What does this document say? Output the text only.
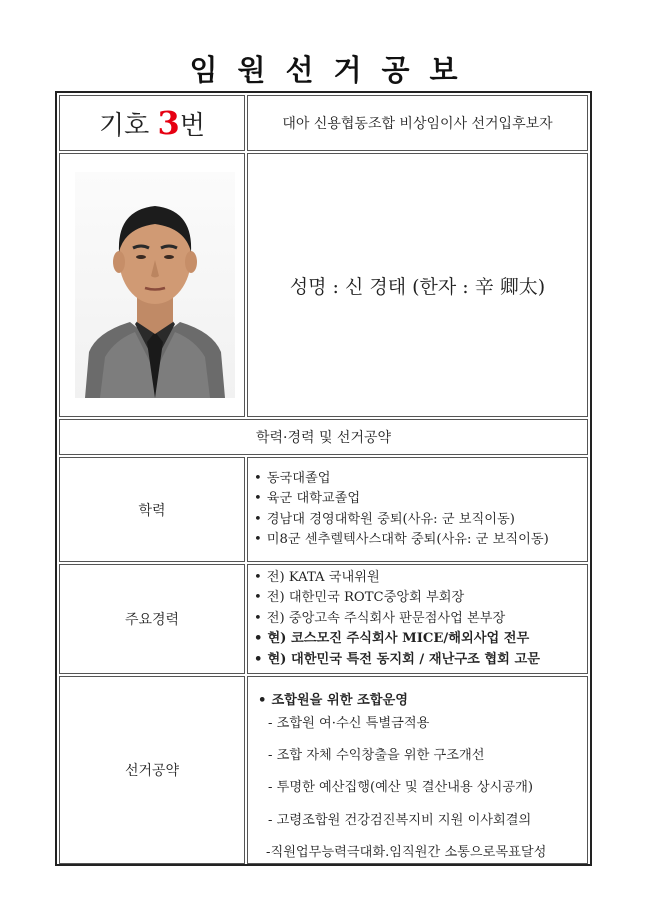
임원선거공보
기호 3 번	대아 신용협동조합 비상임이사 선거입후보자
성명 : 신 경태 (한자 : 辛 卿太)
학력·경력 및 선거공약
학력
• 동국대졸업
• 육군 대학교졸업
• 경남대 경영대학원 중퇴(사유: 군 보직이동)
• 미8군 센추렐텍사스대학 중퇴(사유: 군 보직이동)
주요경력
• 전) KATA 국내위원
• 전) 대한민국 ROTC중앙회 부회장
• 전) 중앙고속 주식회사 판문점사업 본부장
• 현) 코스모진 주식회사 MICE/해외사업 전무
• 현) 대한민국 특전 동지회 / 재난구조 협회 고문
선거공약
• 조합원을 위한 조합운영
- 조합원 여·수신 특별금적용
- 조합 자체 수익창출을 위한 구조개선
- 투명한 예산집행(예산 및 결산내용 상시공개)
- 고령조합원 건강검진복지비 지원 이사회결의
-직원업무능력극대화.임직원간 소통으로목표달성
